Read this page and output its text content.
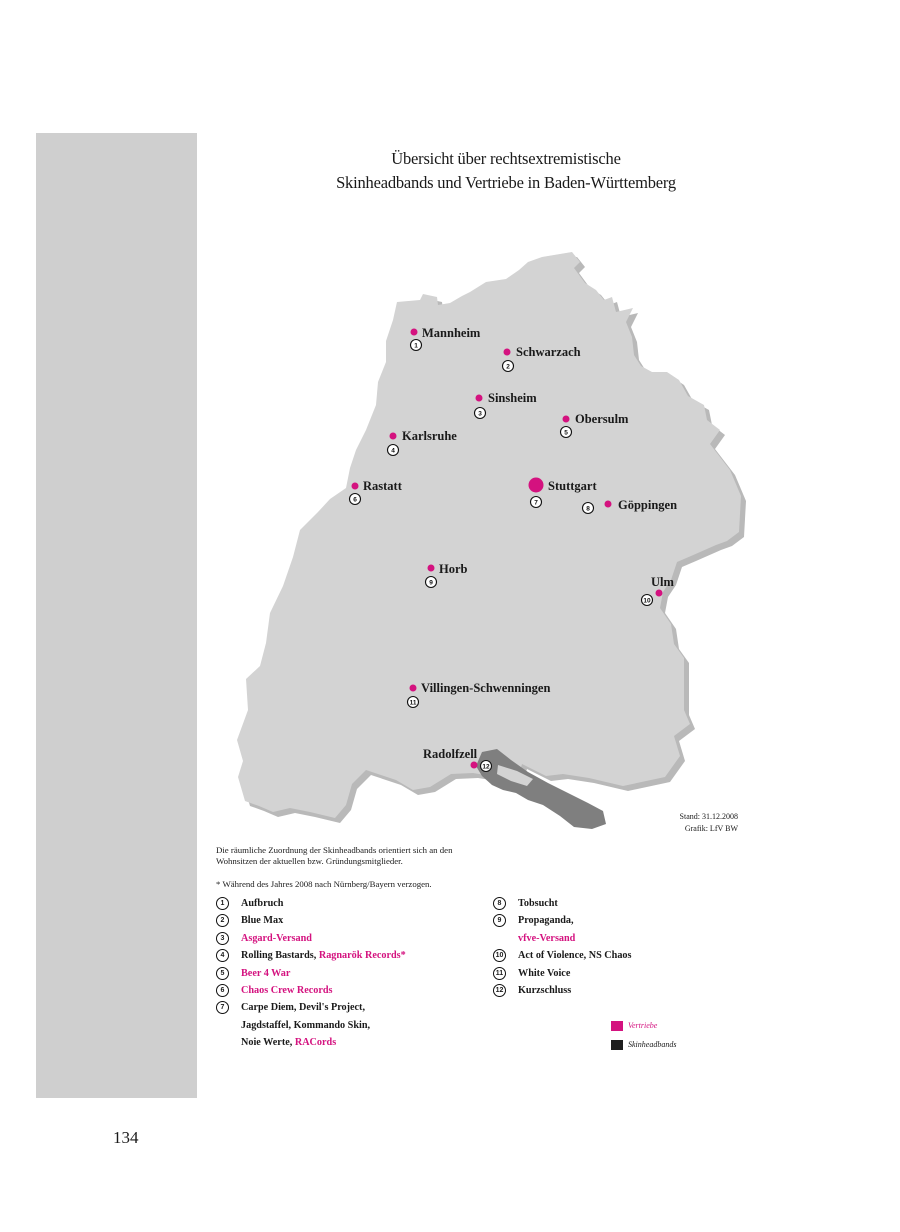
Übersicht über rechtsextremistische
Skinheadbands und Vertriebe in Baden-Württemberg
Mannheim
1	Schwarzach
2
Sinsheim
3	Obersulm
5
Karlsruhe
4
Rastatt
6
Stuttgart
7	Göppingen
8
Horb
9	Ulm
10
Villingen-Schwenningen
11
Radolfzell
12
Stand: 31.12.2008
Grafik: LfV BW
Die räumliche Zuordnung der Skinheadbands orientiert sich an den
Wohnsitzen der aktuellen bzw. Gründungsmitglieder.
* Während des Jahres 2008 nach Nürnberg/Bayern verzogen.
1	Aufbruch
2	Blue Max
3	Asgard-Versand
4	Rolling Bastards, Ragnarök Records*
5	Beer 4 War
6	Chaos Crew Records
7	Carpe Diem, Devil's Project,
Jagdstaffel, Kommando Skin,
Noie Werte, RACords
8	Tobsucht
9	Propaganda,
vfve-Versand
10 Act of Violence, NS Chaos
11 White Voice
12 Kurzschluss
Vertriebe
Skinheadbands
134
